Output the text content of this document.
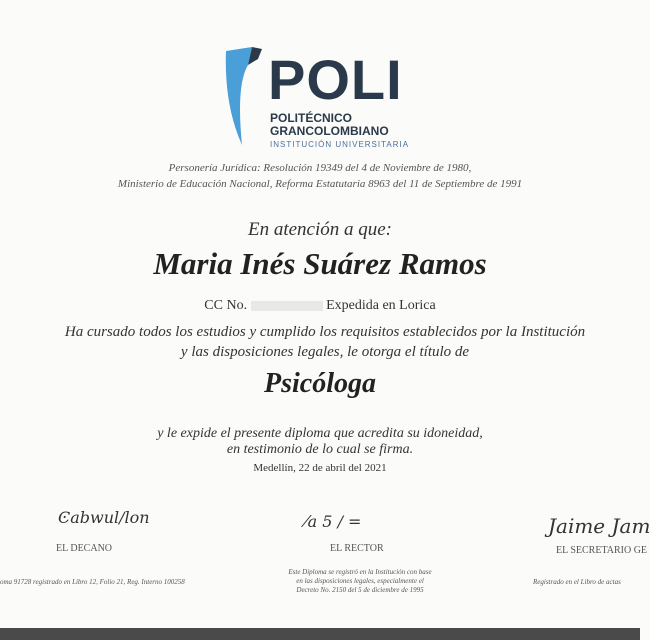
POLI
POLITÉCNICO
GRANCOLOMBIANO
INSTITUCIÓN UNIVERSITARIA
Personería Jurídica: Resolución 19349 del 4 de Noviembre de 1980,
Ministerio de Educación Nacional, Reforma Estatutaria 8963 del 11 de Septiembre de 1991
En atención a que:
Maria Inés Suárez Ramos
CC No.	Expedida en Lorica
Ha cursado todos los estudios y cumplido los requisitos establecidos por la Institución
y las disposiciones legales, le otorga el título de
Psicóloga
y le expide el presente diploma que acredita su idoneidad,
en testimonio de lo cual se firma.
Medellín, 22 de abril del 2021
Ͼabwul/lon
EL DECANO
oma 91728 registrado en Libro 12, Folio 21, Reg. Interno 100258
⁄a 5 / =
EL RECTOR
Este Diploma se registró en la Institución con base
en las disposiciones legales, especialmente el
Decreto No. 2150 del 5 de diciembre de 1995
Jaime Jam
EL SECRETARIO GE
Registrado en el Libro de actas
